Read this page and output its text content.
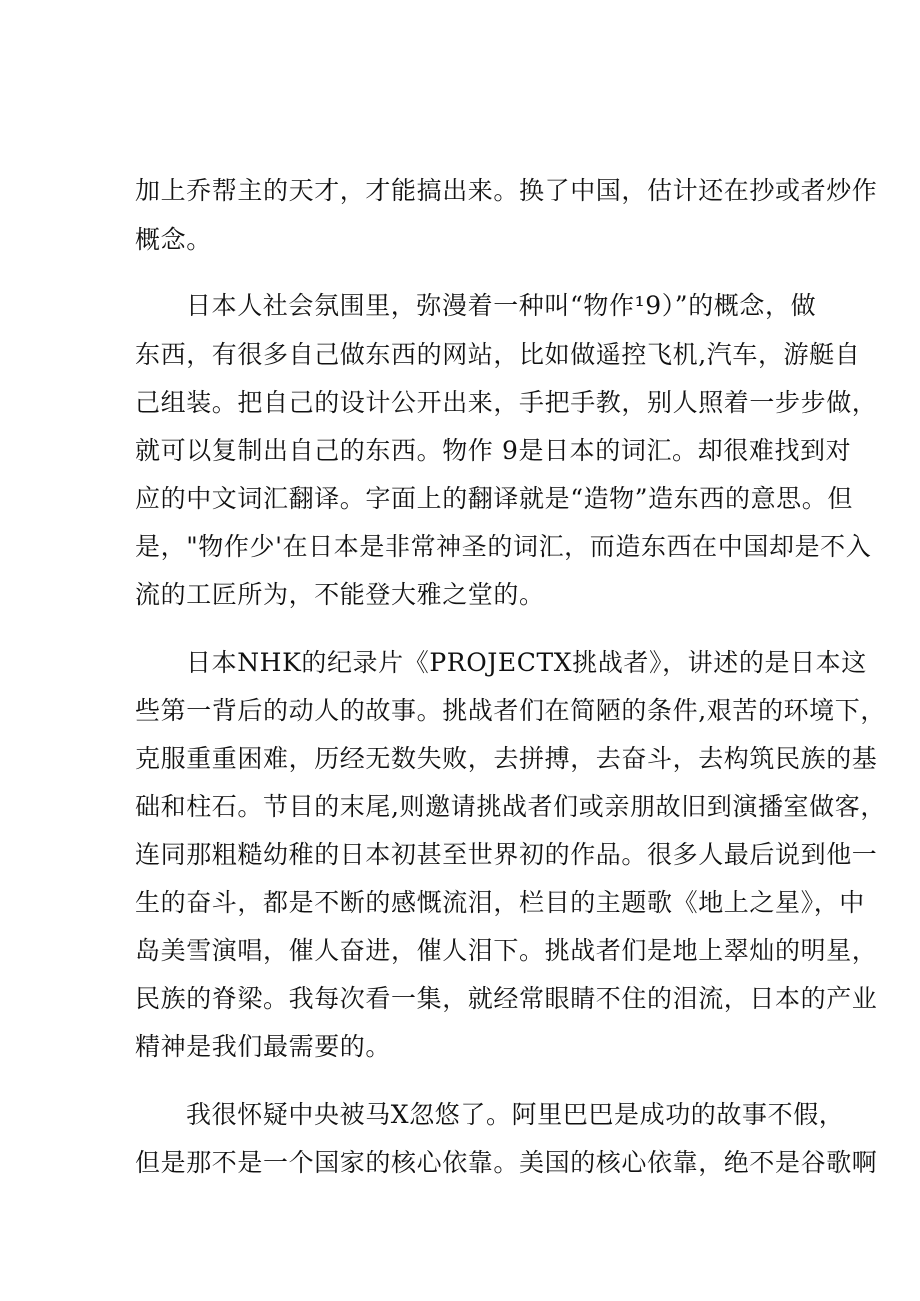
加上乔帮主的天才，才能搞出来。换了中国，估计还在抄或者炒作
概念。
日本人社会氛围里，弥漫着一种叫“物作¹9）”的概念，做
东西，有很多自己做东西的网站，比如做遥控飞机,汽车，游艇自
己组装。把自己的设计公开出来，手把手教，别人照着一步步做，
就可以复制出自己的东西。物作 9是日本的词汇。却很难找到对
应的中文词汇翻译。字面上的翻译就是“造物”造东西的意思。但
是，"物作少'在日本是非常神圣的词汇，而造东西在中国却是不入
流的工匠所为，不能登大雅之堂的。
日本NHK的纪录片《PROJECTX挑战者》，讲述的是日本这
些第一背后的动人的故事。挑战者们在简陋的条件,艰苦的环境下，
克服重重困难，历经无数失败，去拼搏，去奋斗，去构筑民族的基
础和柱石。节目的末尾,则邀请挑战者们或亲朋故旧到演播室做客，
连同那粗糙幼稚的日本初甚至世界初的作品。很多人最后说到他一
生的奋斗，都是不断的感慨流泪，栏目的主题歌《地上之星》，中
岛美雪演唱，催人奋进，催人泪下。挑战者们是地上翠灿的明星，
民族的脊梁。我每次看一集，就经常眼睛不住的泪流，日本的产业
精神是我们最需要的。
我很怀疑中央被马X忽悠了。阿里巴巴是成功的故事不假，
但是那不是一个国家的核心依靠。美国的核心依靠，绝不是谷歌啊
